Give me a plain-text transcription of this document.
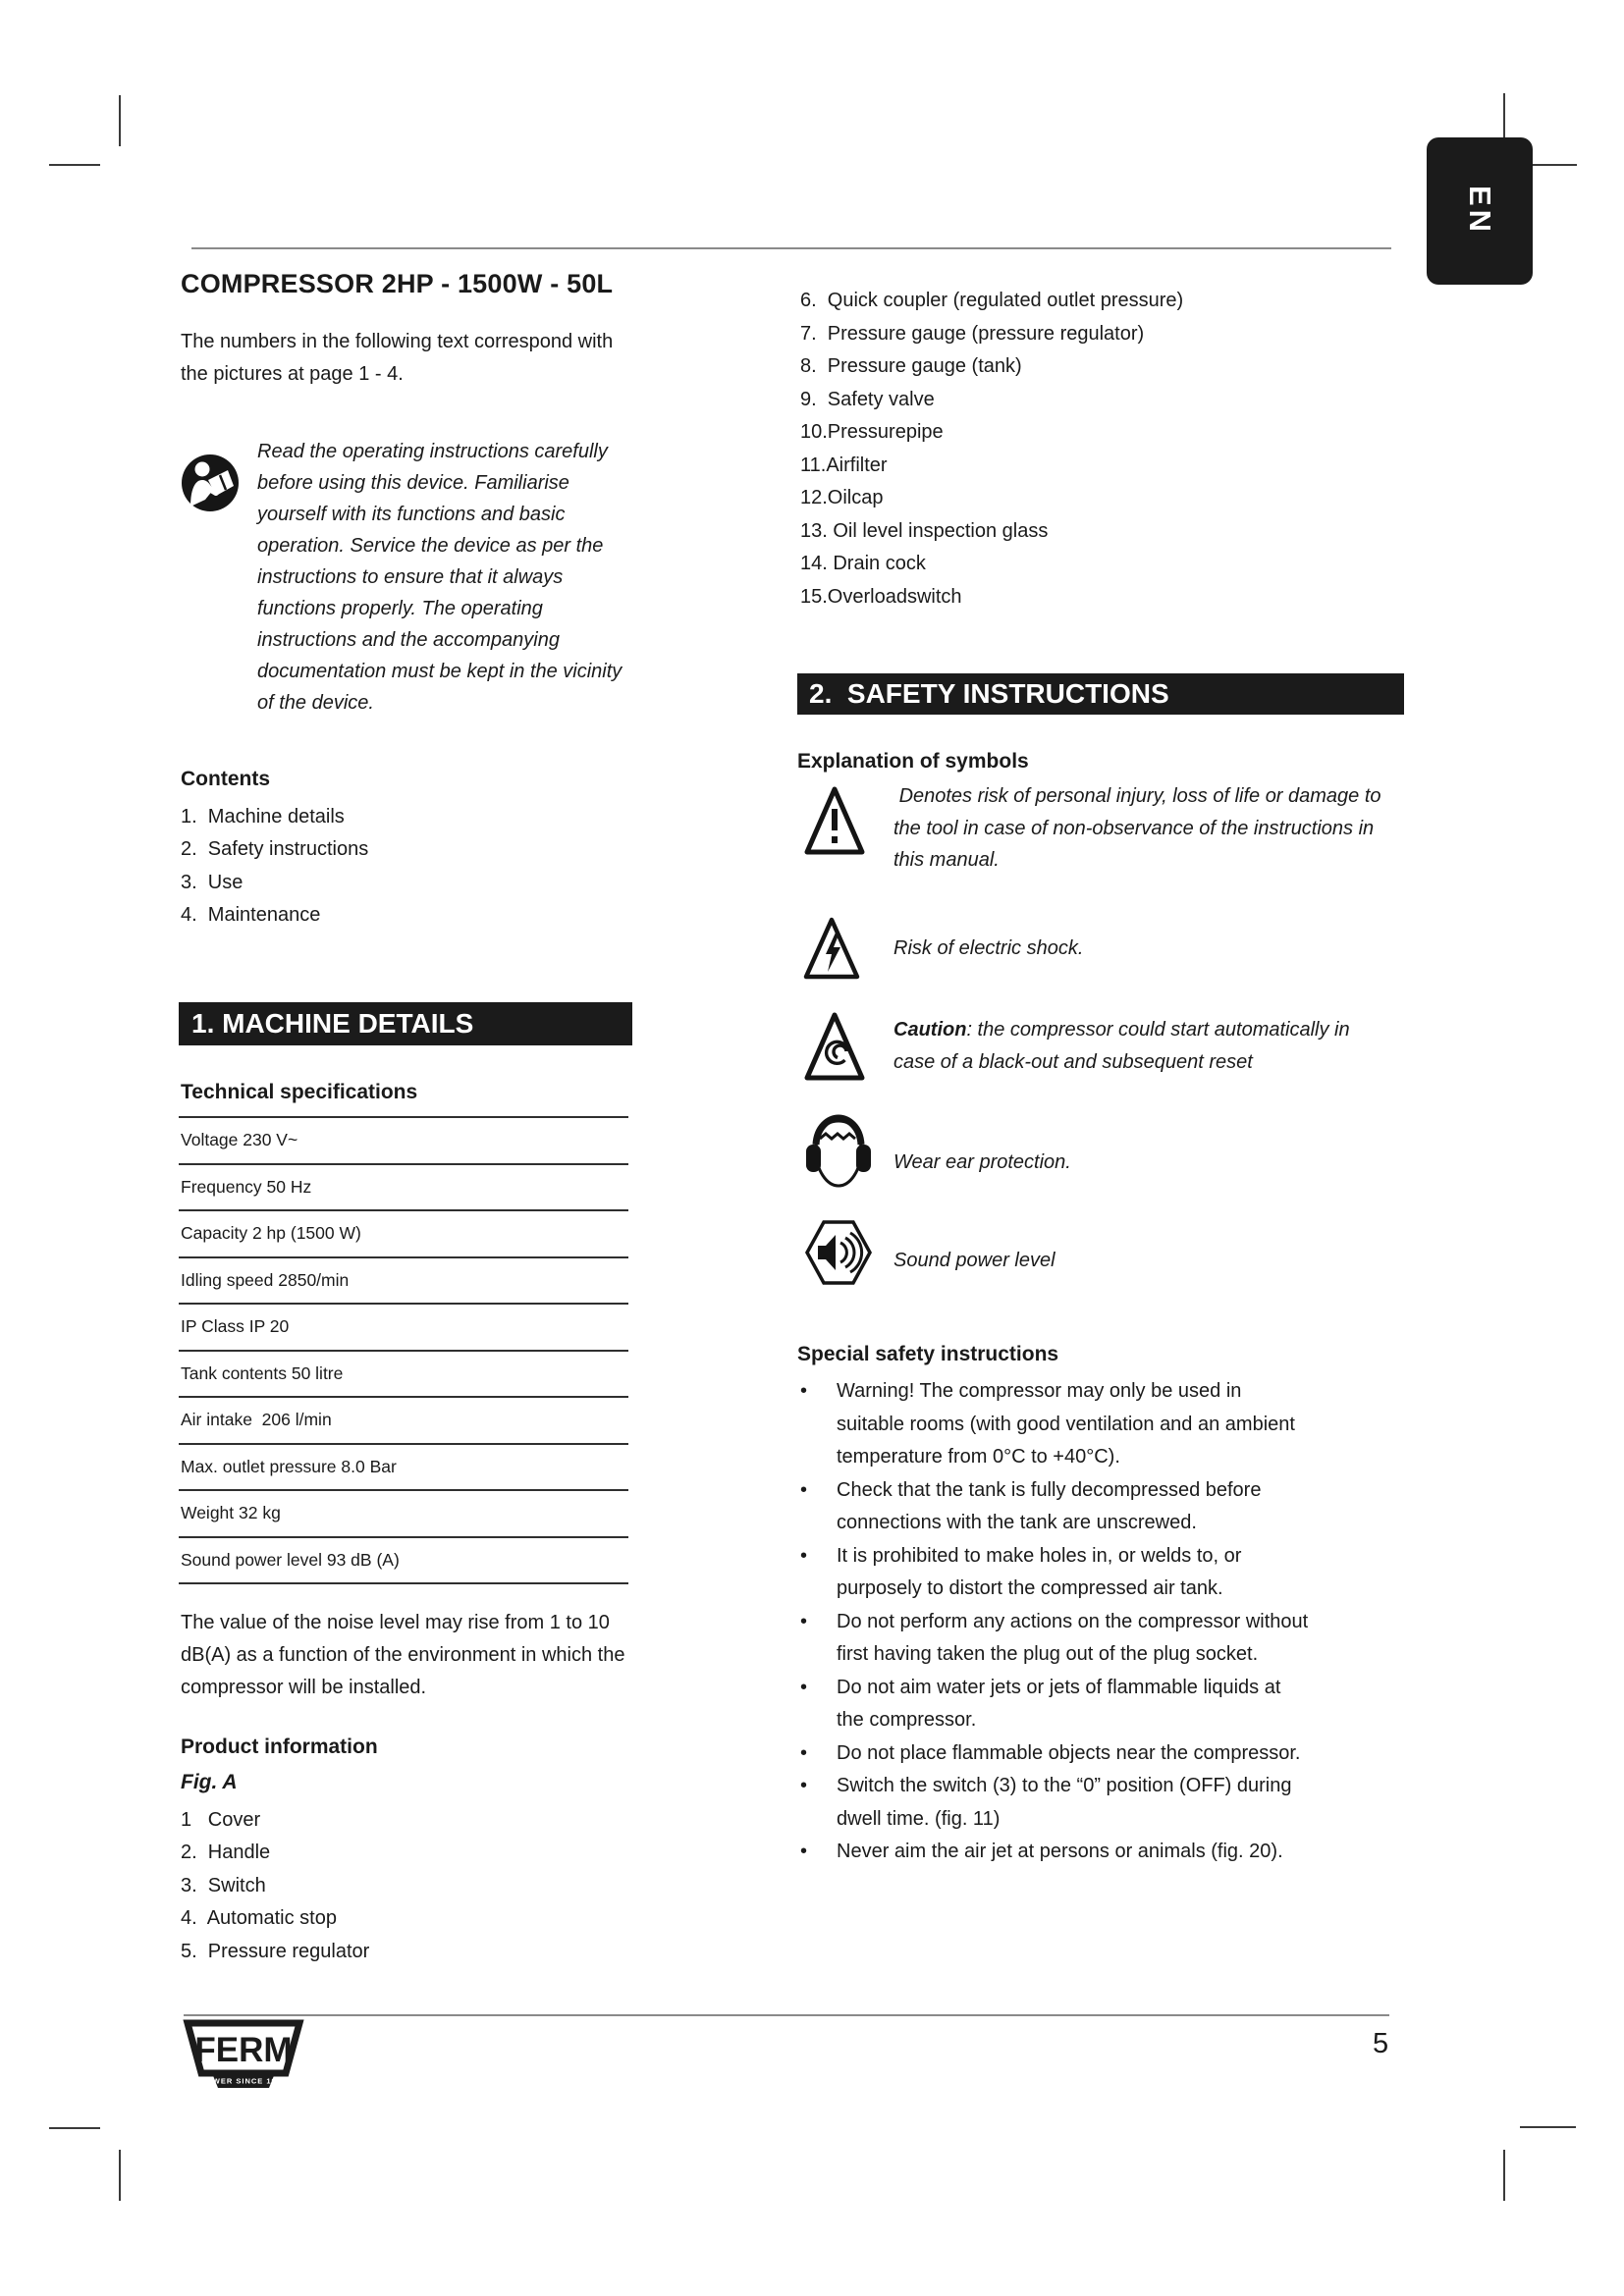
EN
COMPRESSOR 2HP - 1500W - 50L
The numbers in the following text correspond with the pictures at page 1 - 4.
Read the operating instructions carefully before using this device. Familiarise yourself with its functions and basic operation. Service the device as per the instructions to ensure that it always functions properly. The operating instructions and the accompanying documentation must be kept in the vicinity of the device.
Contents
1.  Machine details
2.  Safety instructions
3.  Use
4.  Maintenance
1. MACHINE DETAILS
Technical specifications
Voltage 230 V~
Frequency 50 Hz
Capacity 2 hp (1500 W)
Idling speed 2850/min
IP Class IP 20
Tank contents 50 litre
Air intake  206 l/min
Max. outlet pressure 8.0 Bar
Weight 32 kg
Sound power level 93 dB (A)
The value of the noise level may rise from 1 to 10 dB(A) as a function of the environment in which the compressor will be installed.
Product information
Fig. A
1   Cover
2.  Handle
3.  Switch
4.  Automatic stop
5.  Pressure regulator
6.  Quick coupler (regulated outlet pressure)
7.  Pressure gauge (pressure regulator)
8.  Pressure gauge (tank)
9.  Safety valve
10.Pressurepipe
11.Airfilter
12.Oilcap
13. Oil level inspection glass
14. Drain cock
15.Overloadswitch
2.  SAFETY INSTRUCTIONS
Explanation of symbols
Denotes risk of personal injury, loss of life or damage to the tool in case of non-observance of the instructions in this manual.
Risk of electric shock.
Caution: the compressor could start automatically in case of a black-out and subsequent reset
Wear ear protection.
Sound power level
Special safety instructions
•	Warning! The compressor may only be used in suitable rooms (with good ventilation and an ambient temperature from 0°C to +40°C).
•	Check that the tank is fully decompressed before connections with the tank are unscrewed.
•	It is prohibited to make holes in, or welds to, or purposely to distort the compressed air tank.
•	Do not perform any actions on the compressor without first having taken the plug out of the plug socket.
•	Do not aim water jets or jets of flammable liquids at the compressor.
•	Do not place flammable objects near the compressor.
•	Switch the switch (3) to the “0” position (OFF) during dwell time. (fig. 11)
•	Never aim the air jet at persons or animals (fig. 20).
FERM
POWER SINCE 1965
5
